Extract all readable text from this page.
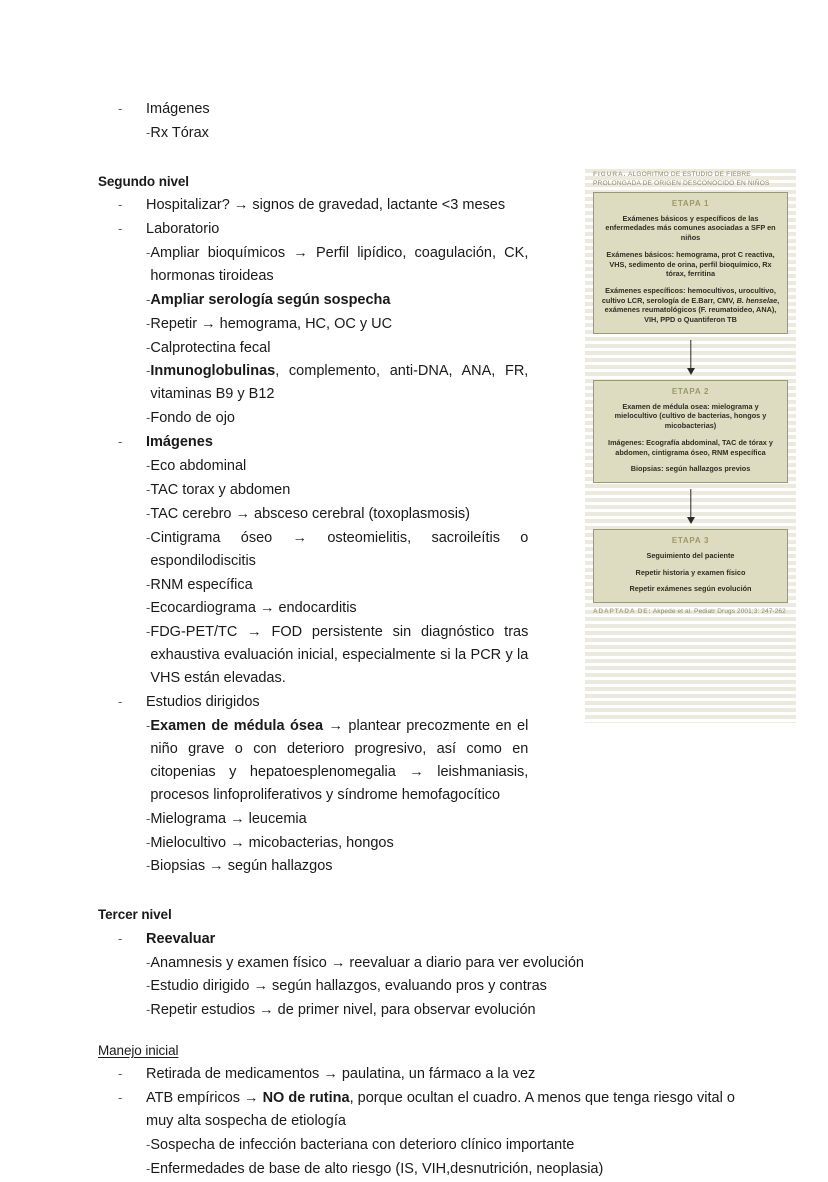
-	Imágenes
- Rx Tórax
Segundo nivel
-	Hospitalizar? → signos de gravedad, lactante <3 meses
-	Laboratorio
- Ampliar bioquímicos → Perfil lipídico, coagulación, CK, hormonas tiroideas
- Ampliar serología según sospecha
- Repetir → hemograma, HC, OC y UC
- Calprotectina fecal
- Inmunoglobulinas, complemento, anti-DNA, ANA, FR, vitaminas B9 y B12
- Fondo de ojo
-	Imágenes
- Eco abdominal
- TAC torax y abdomen
- TAC cerebro → absceso cerebral (toxoplasmosis)
- Cintigrama óseo → osteomielitis, sacroileítis o espondilodiscitis
- RNM específica
- Ecocardiograma → endocarditis
- FDG-PET/TC → FOD persistente sin diagnóstico tras exhaustiva evaluación inicial, especialmente si la PCR y la VHS están elevadas.
-	Estudios dirigidos
- Examen de médula ósea → plantear precozmente en el niño grave o con deterioro progresivo, así como en citopenias y hepatoesplenomegalia → leishmaniasis, procesos linfoproliferativos y síndrome hemofagocítico
- Mielograma → leucemia
- Mielocultivo → micobacterias, hongos
- Biopsias → según hallazgos
Tercer nivel
-	Reevaluar
- Anamnesis y examen físico → reevaluar a diario para ver evolución
- Estudio dirigido → según hallazgos, evaluando pros y contras
- Repetir estudios → de primer nivel, para observar evolución
Manejo inicial
-	Retirada de medicamentos → paulatina, un fármaco a la vez
-	ATB empíricos → NO de rutina, porque ocultan el cuadro. A menos que tenga riesgo vital o muy alta sospecha de etiología
- Sospecha de infección bacteriana con deterioro clínico importante
- Enfermedades de base de alto riesgo (IS, VIH,desnutrición, neoplasia)
FIGURA. ALGORITMO DE ESTUDIO DE FIEBRE PROLONGADA DE ORIGEN DESCONOCIDO EN NIÑOS
ETAPA 1
Exámenes básicos y específicos de las enfermedades más comunes asociadas a SFP en niños
Exámenes básicos: hemograma, prot C reactiva, VHS, sedimento de orina, perfil bioquímico, Rx tórax, ferritina
Exámenes específicos: hemocultivos, urocultivo, cultivo LCR, serología de E.Barr, CMV, B. henselae, exámenes reumatológicos (F. reumatoideo, ANA), VIH, PPD o Quantiferon TB
ETAPA 2
Examen de médula osea: mielograma y mielocultivo (cultivo de bacterias, hongos y micobacterias)
Imágenes: Ecografía abdominal, TAC de tórax y abdomen, cintigrama óseo, RNM específica
Biopsias: según hallazgos previos
ETAPA 3
Seguimiento del paciente
Repetir historia y examen físico
Repetir exámenes según evolución
ADAPTADA DE: Akpede et al. Pediatr Drugs 2001;3: 247-262
